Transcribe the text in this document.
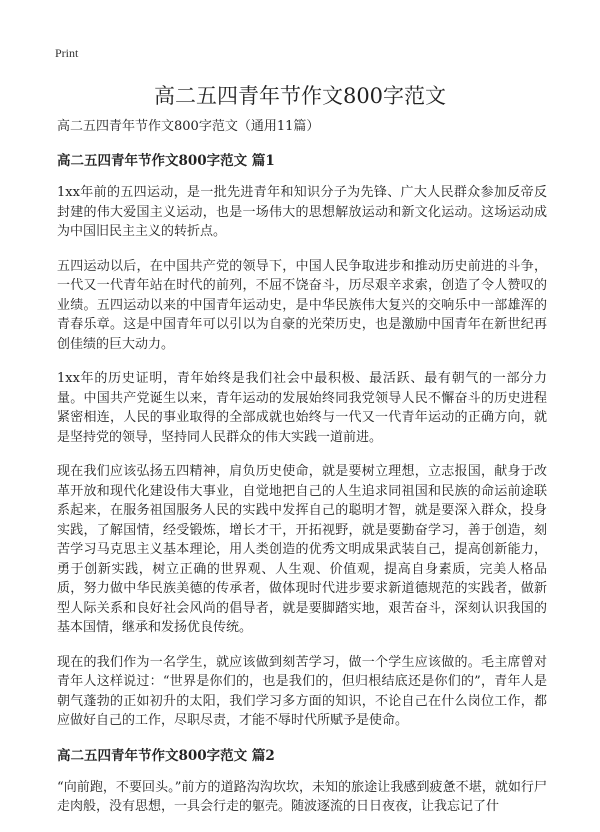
Print
高二五四青年节作文800字范文
高二五四青年节作文800字范文（通用11篇）
高二五四青年节作文800字范文 篇1

1xx年前的五四运动，是一批先进青年和知识分子为先锋、广大人民群众参加反帝反封建的伟大爱国主义运动，也是一场伟大的思想解放运动和新文化运动。这场运动成为中国旧民主主义的转折点。

五四运动以后，在中国共产党的领导下，中国人民争取进步和推动历史前进的斗争，一代又一代青年站在时代的前列，不屈不饶奋斗，历尽艰辛求索，创造了令人赞叹的业绩。五四运动以来的中国青年运动史，是中华民族伟大复兴的交响乐中一部雄浑的青春乐章。这是中国青年可以引以为自豪的光荣历史，也是激励中国青年在新世纪再创佳绩的巨大动力。

1xx年的历史证明，青年始终是我们社会中最积极、最活跃、最有朝气的一部分力量。中国共产党诞生以来，青年运动的发展始终同我党领导人民不懈奋斗的历史进程紧密相连，人民的事业取得的全部成就也始终与一代又一代青年运动的正确方向，就是坚持党的领导，坚持同人民群众的伟大实践一道前进。

现在我们应该弘扬五四精神，肩负历史使命，就是要树立理想，立志报国，献身于改革开放和现代化建设伟大事业，自觉地把自己的人生追求同祖国和民族的命运前途联系起来，在服务祖国服务人民的实践中发挥自己的聪明才智，就是要深入群众，投身实践，了解国情，经受锻炼，增长才干，开拓视野，就是要勤奋学习，善于创造，刻苦学习马克思主义基本理论，用人类创造的优秀文明成果武装自己，提高创新能力，勇于创新实践，树立正确的世界观、人生观、价值观，提高自身素质，完美人格品质，努力做中华民族美德的传承者，做体现时代进步要求新道德规范的实践者，做新型人际关系和良好社会风尚的倡导者，就是要脚踏实地，艰苦奋斗，深刻认识我国的基本国情，继承和发扬优良传统。

现在的我们作为一名学生，就应该做到刻苦学习，做一个学生应该做的。毛主席曾对青年人这样说过：“世界是你们的，也是我们的，但归根结底还是你们的”，青年人是朝气蓬勃的正如初升的太阳，我们学习多方面的知识，不论自己在什么岗位工作，都应做好自己的工作，尽职尽责，才能不辱时代所赋予是使命。

高二五四青年节作文800字范文 篇2

“向前跑，不要回头。”前方的道路沟沟坎坎，未知的旅途让我感到疲惫不堪，就如行尸走肉般，没有思想，一具会行走的躯壳。随波逐流的日日夜夜，让我忘记了什
